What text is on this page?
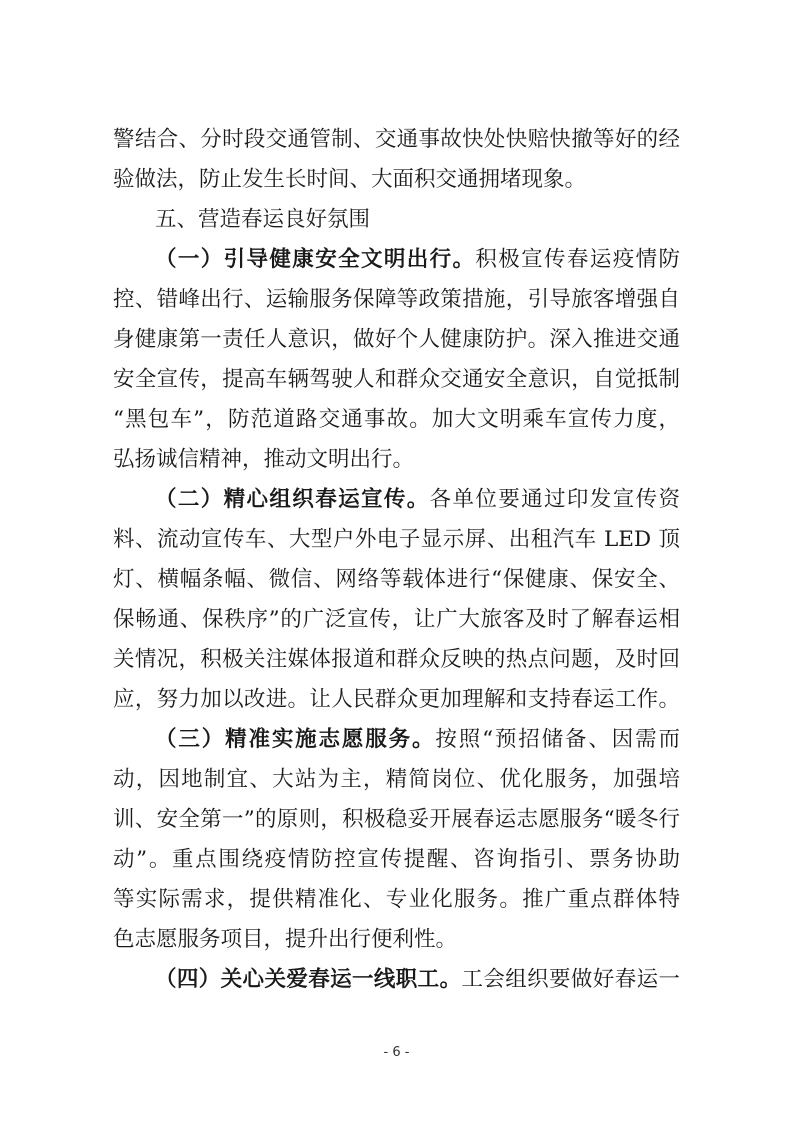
警结合、分时段交通管制、交通事故快处快赔快撤等好的经
验做法，防止发生长时间、大面积交通拥堵现象。
五、营造春运良好氛围
（一）引导健康安全文明出行。积极宣传春运疫情防
控、错峰出行、运输服务保障等政策措施，引导旅客增强自
身健康第一责任人意识，做好个人健康防护。深入推进交通
安全宣传，提高车辆驾驶人和群众交通安全意识，自觉抵制
“黑包车”，防范道路交通事故。加大文明乘车宣传力度，
弘扬诚信精神，推动文明出行。
（二）精心组织春运宣传。各单位要通过印发宣传资
料、流动宣传车、大型户外电子显示屏、出租汽车 LED 顶
灯、横幅条幅、微信、网络等载体进行“保健康、保安全、
保畅通、保秩序”的广泛宣传，让广大旅客及时了解春运相
关情况，积极关注媒体报道和群众反映的热点问题，及时回
应，努力加以改进。让人民群众更加理解和支持春运工作。
（三）精准实施志愿服务。按照“预招储备、因需而
动，因地制宜、大站为主，精简岗位、优化服务，加强培
训、安全第一”的原则，积极稳妥开展春运志愿服务“暖冬行
动”。重点围绕疫情防控宣传提醒、咨询指引、票务协助
等实际需求，提供精准化、专业化服务。推广重点群体特
色志愿服务项目，提升出行便利性。
（四）关心关爱春运一线职工。工会组织要做好春运一
- 6 -
